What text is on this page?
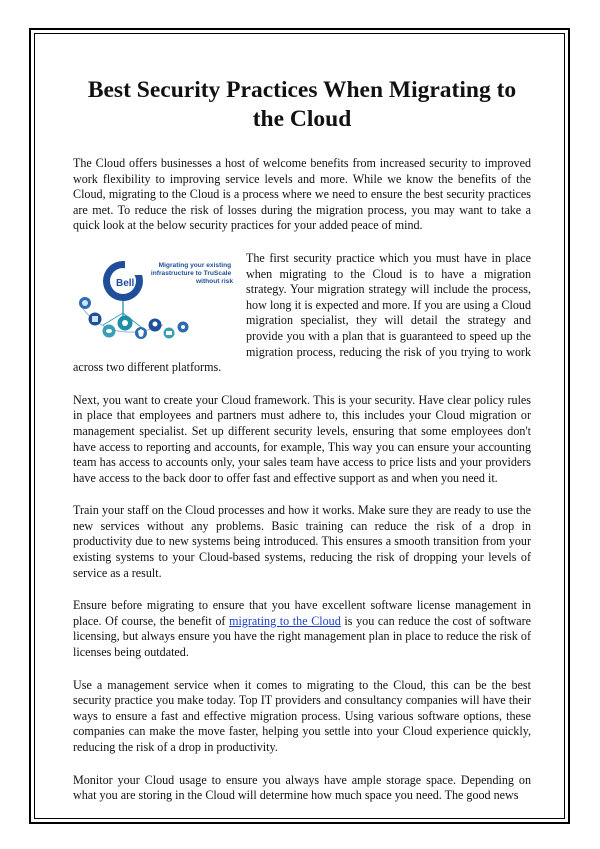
Best Security Practices When Migrating to the Cloud

The Cloud offers businesses a host of welcome benefits from increased security to improved work flexibility to improving service levels and more. While we know the benefits of the Cloud, migrating to the Cloud is a process where we need to ensure the best security practices are met. To reduce the risk of losses during the migration process, you may want to take a quick look at the below security practices for your added peace of mind.

Bell
Migrating your existing infrastructure to TruScale without risk
The first security practice which you must have in place when migrating to the Cloud is to have a migration strategy. Your migration strategy will include the process, how long it is expected and more. If you are using a Cloud migration specialist, they will detail the strategy and provide you with a plan that is guaranteed to speed up the migration process, reducing the risk of you trying to work across two different platforms.

Next, you want to create your Cloud framework. This is your security. Have clear policy rules in place that employees and partners must adhere to, this includes your Cloud migration or management specialist. Set up different security levels, ensuring that some employees don't have access to reporting and accounts, for example, This way you can ensure your accounting team has access to accounts only, your sales team have access to price lists and your providers have access to the back door to offer fast and effective support as and when you need it.

Train your staff on the Cloud processes and how it works. Make sure they are ready to use the new services without any problems. Basic training can reduce the risk of a drop in productivity due to new systems being introduced. This ensures a smooth transition from your existing systems to your Cloud-based systems, reducing the risk of dropping your levels of service as a result.

Ensure before migrating to ensure that you have excellent software license management in place. Of course, the benefit of migrating to the Cloud is you can reduce the cost of software licensing, but always ensure you have the right management plan in place to reduce the risk of licenses being outdated.

Use a management service when it comes to migrating to the Cloud, this can be the best security practice you make today. Top IT providers and consultancy companies will have their ways to ensure a fast and effective migration process. Using various software options, these companies can make the move faster, helping you settle into your Cloud experience quickly, reducing the risk of a drop in productivity.

Monitor your Cloud usage to ensure you always have ample storage space. Depending on what you are storing in the Cloud will determine how much space you need. The good news
